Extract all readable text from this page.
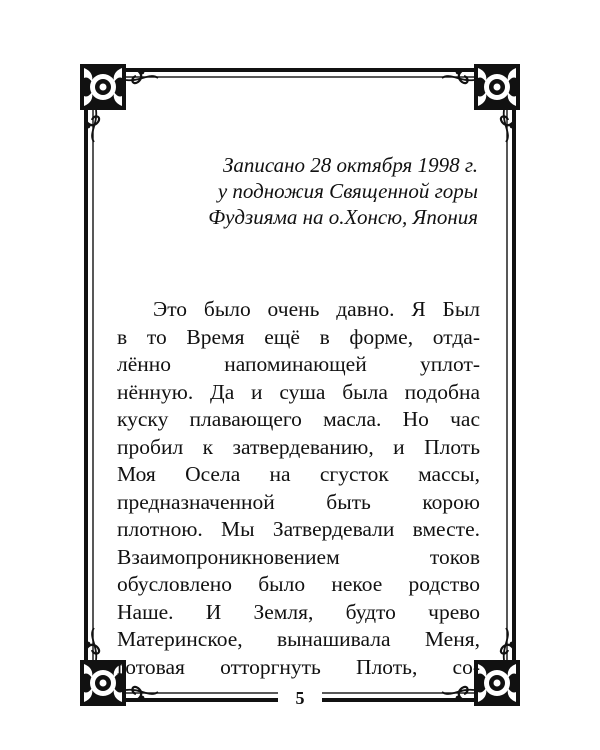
Записано 28 октября 1998 г.
у подножия Священной горы
Фудзияма на о.Хонсю, Япония
Это было очень давно. Я Был
в то Время ещё в форме, отда-
лённо напоминающей уплот-
нённую. Да и суша была подобна
куску плавающего масла. Но час
пробил к затвердеванию, и Плоть
Моя Осела на сгусток массы,
предназначенной быть корою
плотною. Мы Затвердевали вместе.
Взаимопроникновением токов
обусловлено было некое родство
Наше. И Земля, будто чрево
Материнское, вынашивала Меня,
готовая отторгнуть Плоть, со-
5
